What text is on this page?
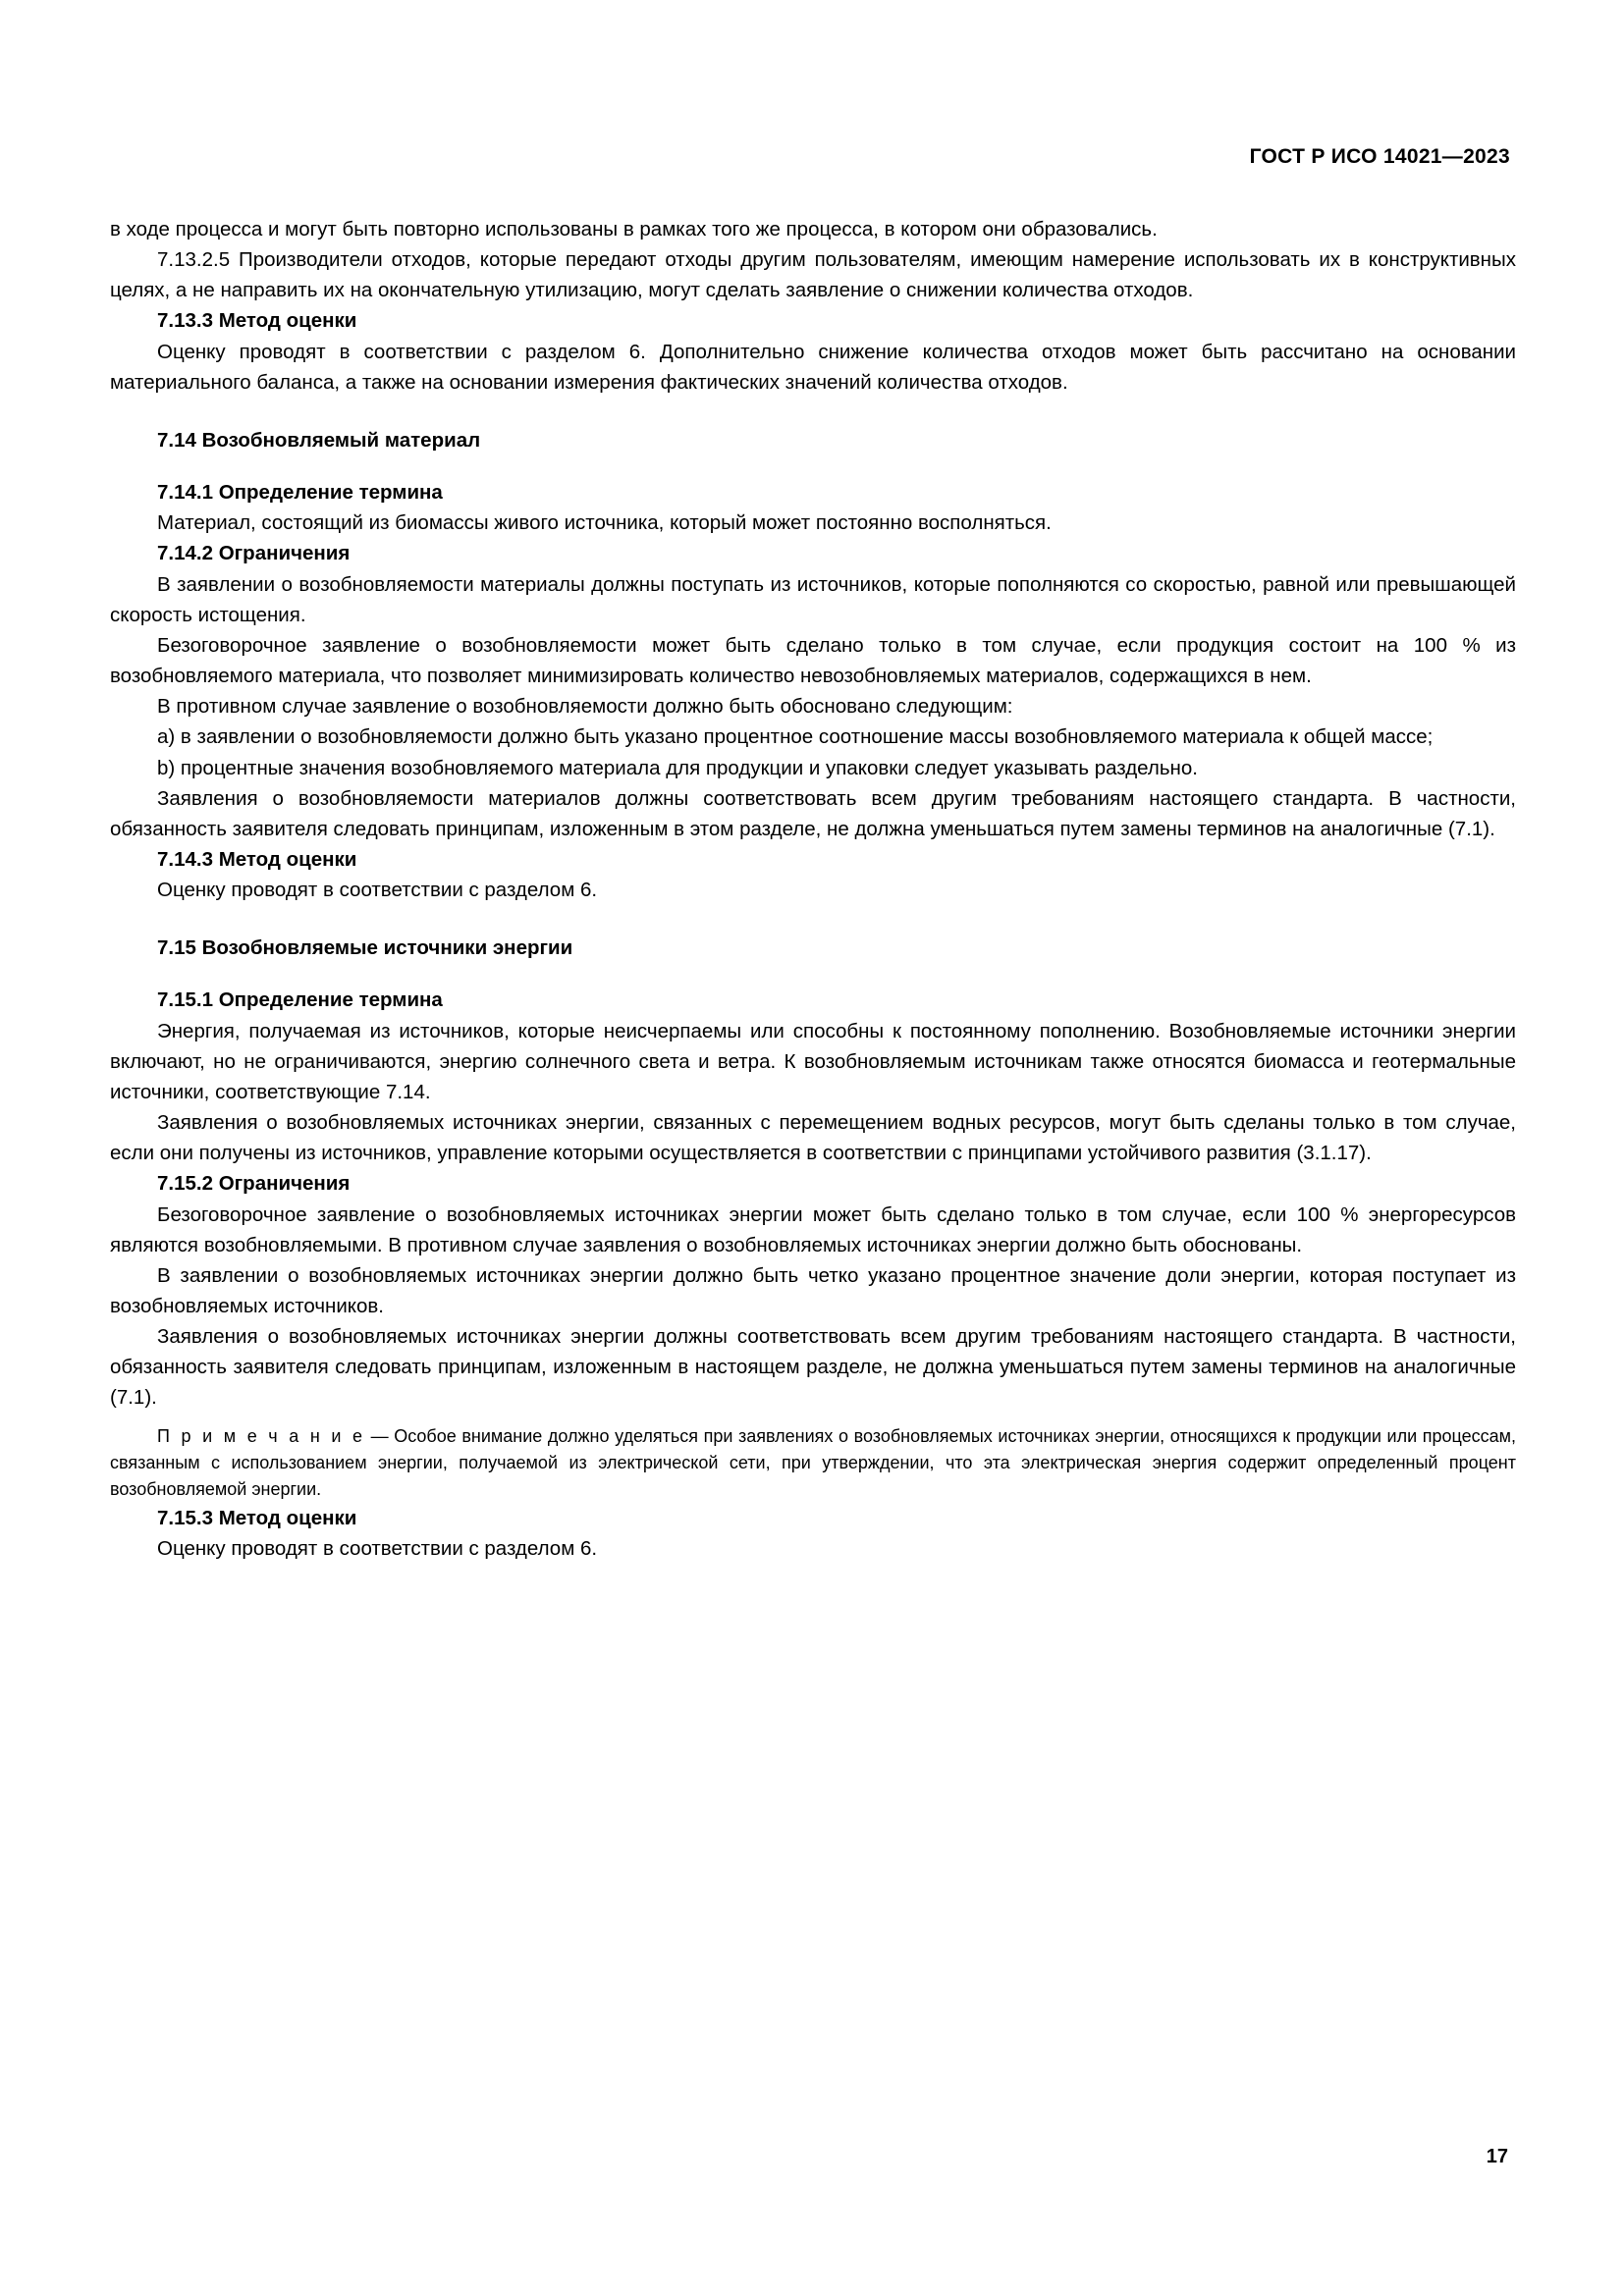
ГОСТ Р ИСО 14021—2023

в ходе процесса и могут быть повторно использованы в рамках того же процесса, в котором они образовались.

7.13.2.5 Производители отходов, которые передают отходы другим пользователям, имеющим намерение использовать их в конструктивных целях, а не направить их на окончательную утилизацию, могут сделать заявление о снижении количества отходов.

7.13.3 Метод оценки

Оценку проводят в соответствии с разделом 6. Дополнительно снижение количества отходов может быть рассчитано на основании материального баланса, а также на основании измерения фактических значений количества отходов.

7.14 Возобновляемый материал
7.14.1 Определение термина

Материал, состоящий из биомассы живого источника, который может постоянно восполняться.

7.14.2 Ограничения

В заявлении о возобновляемости материалы должны поступать из источников, которые пополняются со скоростью, равной или превышающей скорость истощения.

Безоговорочное заявление о возобновляемости может быть сделано только в том случае, если продукция состоит на 100 % из возобновляемого материала, что позволяет минимизировать количество невозобновляемых материалов, содержащихся в нем.

В противном случае заявление о возобновляемости должно быть обосновано следующим:

a) в заявлении о возобновляемости должно быть указано процентное соотношение массы возобновляемого материала к общей массе;

b) процентные значения возобновляемого материала для продукции и упаковки следует указывать раздельно.

Заявления о возобновляемости материалов должны соответствовать всем другим требованиям настоящего стандарта. В частности, обязанность заявителя следовать принципам, изложенным в этом разделе, не должна уменьшаться путем замены терминов на аналогичные (7.1).

7.14.3 Метод оценки

Оценку проводят в соответствии с разделом 6.

7.15 Возобновляемые источники энергии
7.15.1 Определение термина

Энергия, получаемая из источников, которые неисчерпаемы или способны к постоянному пополнению. Возобновляемые источники энергии включают, но не ограничиваются, энергию солнечного света и ветра. К возобновляемым источникам также относятся биомасса и геотермальные источники, соответствующие 7.14.

Заявления о возобновляемых источниках энергии, связанных с перемещением водных ресурсов, могут быть сделаны только в том случае, если они получены из источников, управление которыми осуществляется в соответствии с принципами устойчивого развития (3.1.17).

7.15.2 Ограничения

Безоговорочное заявление о возобновляемых источниках энергии может быть сделано только в том случае, если 100 % энергоресурсов являются возобновляемыми. В противном случае заявления о возобновляемых источниках энергии должно быть обоснованы.

В заявлении о возобновляемых источниках энергии должно быть четко указано процентное значение доли энергии, которая поступает из возобновляемых источников.

Заявления о возобновляемых источниках энергии должны соответствовать всем другим требованиям настоящего стандарта. В частности, обязанность заявителя следовать принципам, изложенным в настоящем разделе, не должна уменьшаться путем замены терминов на аналогичные (7.1).

П р и м е ч а н и е — Особое внимание должно уделяться при заявлениях о возобновляемых источниках энергии, относящихся к продукции или процессам, связанным с использованием энергии, получаемой из электрической сети, при утверждении, что эта электрическая энергия содержит определенный процент возобновляемой энергии.

7.15.3 Метод оценки

Оценку проводят в соответствии с разделом 6.

17
